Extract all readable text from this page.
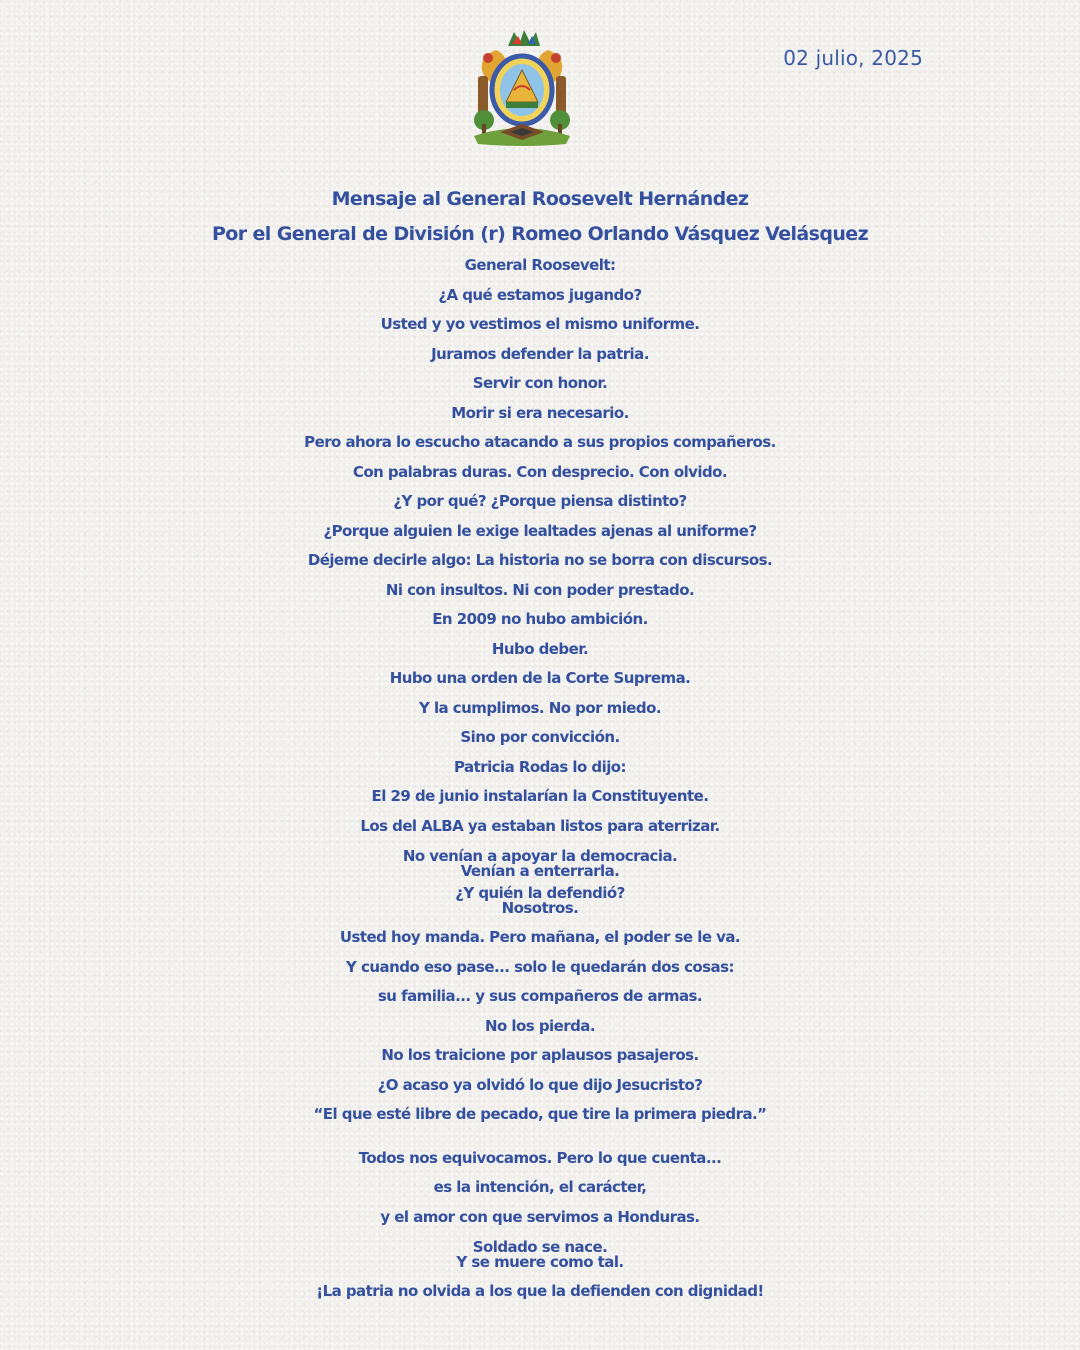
02 julio, 2025
Mensaje al General Roosevelt Hernández
Por el General de División (r) Romeo Orlando Vásquez Velásquez
General Roosevelt:
¿A qué estamos jugando?
Usted y yo vestimos el mismo uniforme.
Juramos defender la patria.
Servir con honor.
Morir si era necesario.
Pero ahora lo escucho atacando a sus propios compañeros.
Con palabras duras. Con desprecio. Con olvido.
¿Y por qué? ¿Porque piensa distinto?
¿Porque alguien le exige lealtades ajenas al uniforme?
Déjeme decirle algo: La historia no se borra con discursos.
Ni con insultos. Ni con poder prestado.
En 2009 no hubo ambición.
Hubo deber.
Hubo una orden de la Corte Suprema.
Y la cumplimos. No por miedo.
Sino por convicción.
Patricia Rodas lo dijo:
El 29 de junio instalarían la Constituyente.
Los del ALBA ya estaban listos para aterrizar.
No venían a apoyar la democracia.
Venían a enterrarla.
¿Y quién la defendió?
Nosotros.
Usted hoy manda. Pero mañana, el poder se le va.
Y cuando eso pase... solo le quedarán dos cosas:
su familia... y sus compañeros de armas.
No los pierda.
No los traicione por aplausos pasajeros.
¿O acaso ya olvidó lo que dijo Jesucristo?
“El que esté libre de pecado, que tire la primera piedra.”
Todos nos equivocamos. Pero lo que cuenta...
es la intención, el carácter,
y el amor con que servimos a Honduras.
Soldado se nace.
Y se muere como tal.
¡La patria no olvida a los que la defienden con dignidad!
